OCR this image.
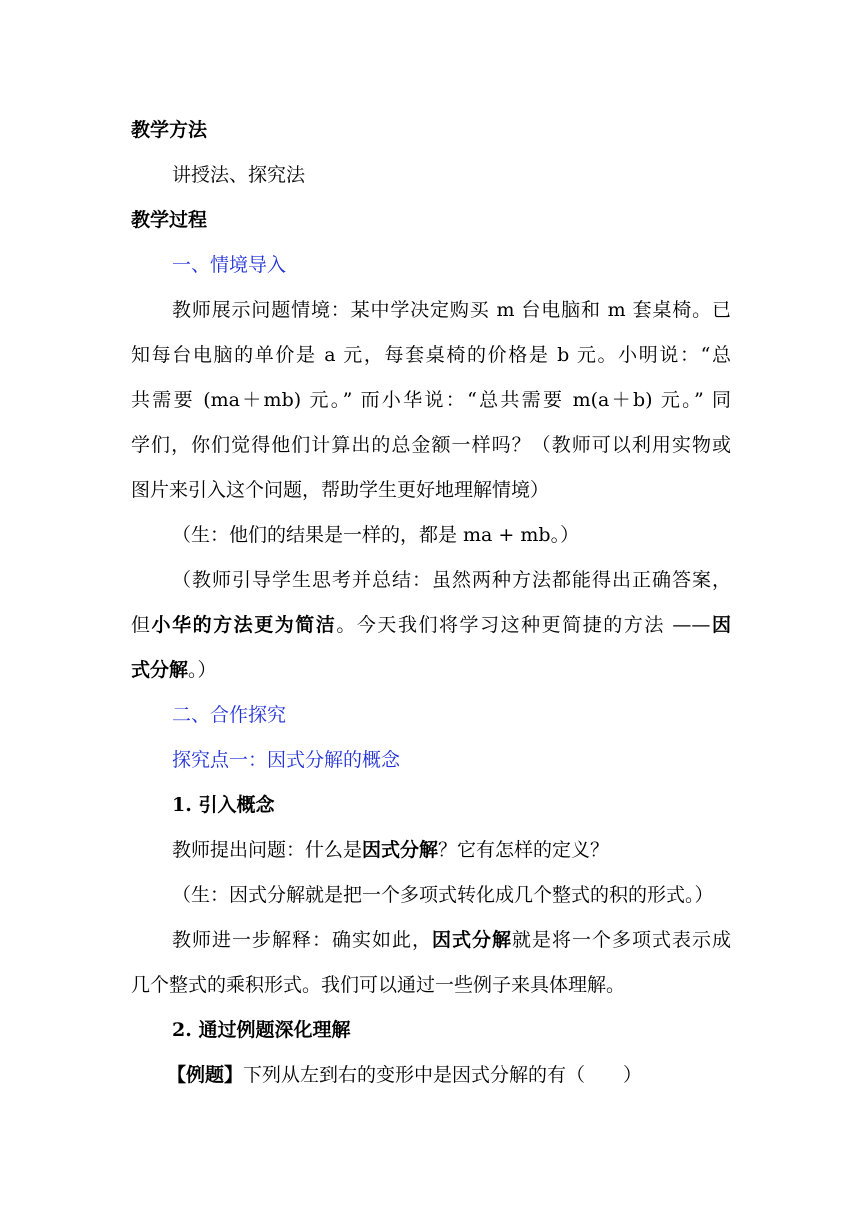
教学方法

讲授法、探究法

教学过程

一、情境导入

教师展示问题情境：某中学决定购买 m 台电脑和 m 套桌椅。已

知每台电脑的单价是 a 元，每套桌椅的价格是 b 元。小明说：“总

共需要 (ma＋mb) 元。” 而小华说：“总共需要 m(a＋b) 元。” 同

学们，你们觉得他们计算出的总金额一样吗？（教师可以利用实物或

图片来引入这个问题，帮助学生更好地理解情境）

（生：他们的结果是一样的，都是 ma + mb。）

（教师引导学生思考并总结：虽然两种方法都能得出正确答案，

但小华的方法更为简洁。今天我们将学习这种更简捷的方法 ——因

式分解。）

二、合作探究

探究点一：因式分解的概念

1. 引入概念

教师提出问题：什么是因式分解？它有怎样的定义？

（生：因式分解就是把一个多项式转化成几个整式的积的形式。）

教师进一步解释：确实如此，因式分解就是将一个多项式表示成

几个整式的乘积形式。我们可以通过一些例子来具体理解。

2. 通过例题深化理解

【例题】下列从左到右的变形中是因式分解的有（　　）
